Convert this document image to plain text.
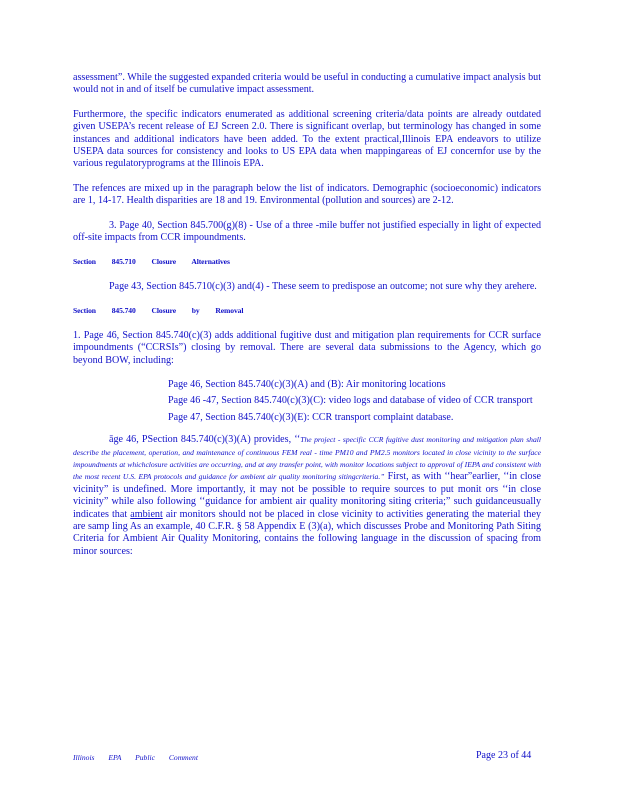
assessment”. While the suggested expanded criteria would be useful in conducting a cumulative impact analysis but would not in and of itself be cumulative impact assessment.

Furthermore, the specific indicators enumerated as additional screening criteria/data points are already outdated given USEPA’s recent release of EJ Screen 2.0. There is significant overlap, but terminology has changed in some instances and additional indicators have been added. To the extent practical,Illinois EPA endeavors to utilize USEPA data sources for consistency and looks to US EPA data when mappingareas of EJ concernfor use by the various regulatoryprograms at the Illinois EPA.

The refences are mixed up in the paragraph below the list of indicators. Demographic (socioeconomic) indicators are 1, 14-17. Health disparities are 18 and 19. Environmental (pollution and sources) are 2-12.

3. Page 40, Section 845.700(g)(8) - Use of a three -mile buffer not justified especially in light of expected off-site impacts from CCR impoundments.

Section 845.710 Closure Alternatives

Page 43, Section 845.710(c)(3) and(4) - These seem to predispose an outcome; not sure why they arehere.

Section 845.740 Closure by Removal

1. Page 46, Section 845.740(c)(3) adds additional fugitive dust and mitigation plan requirements for CCR surface impoundments (“CCRSIs”) closing by removal. There are several data submissions to the Agency, which go beyond BOW, including:

Page 46, Section 845.740(c)(3)(A) and (B): Air monitoring locations
Page 46 -47, Section 845.740(c)(3)(C): video logs and database of video of CCR transport
Page 47, Section 845.740(c)(3)(E): CCR transport complaint database.

āge 46, PSection 845.740(c)(3)(A) provides, ‘‘The project - specific CCR fugitive dust monitoring and mitigation plan shall describe the placement, operation, and maintenance of continuous FEM real - time PM10 and PM2.5 monitors located in close vicinity to the surface impoundments at whichclosure activities are occurring, and at any transfer point, with monitor locations subject to approval of IEPA and consistent with the most recent U.S. EPA protocols and guidance for ambient air quality monitoring sitingcriteria.” First, as with ‘‘hear”earlier, ‘‘in close vicinity” is undefined. More importantly, it may not be possible to require sources to put monit ors ‘‘in close vicinity” while also following ‘‘guidance for ambient air quality monitoring siting criteria;” such guidanceusually indicates that ambient air monitors should not be placed in close vicinity to activities generating the material they are samp ling As an example, 40 C.F.R. § 58 Appendix E (3)(a), which discusses Probe and Monitoring Path Siting Criteria for Ambient Air Quality Monitoring, contains the following language in the discussion of spacing from minor sources:

Illinois EPA Public Comment	Page 23 of 44
